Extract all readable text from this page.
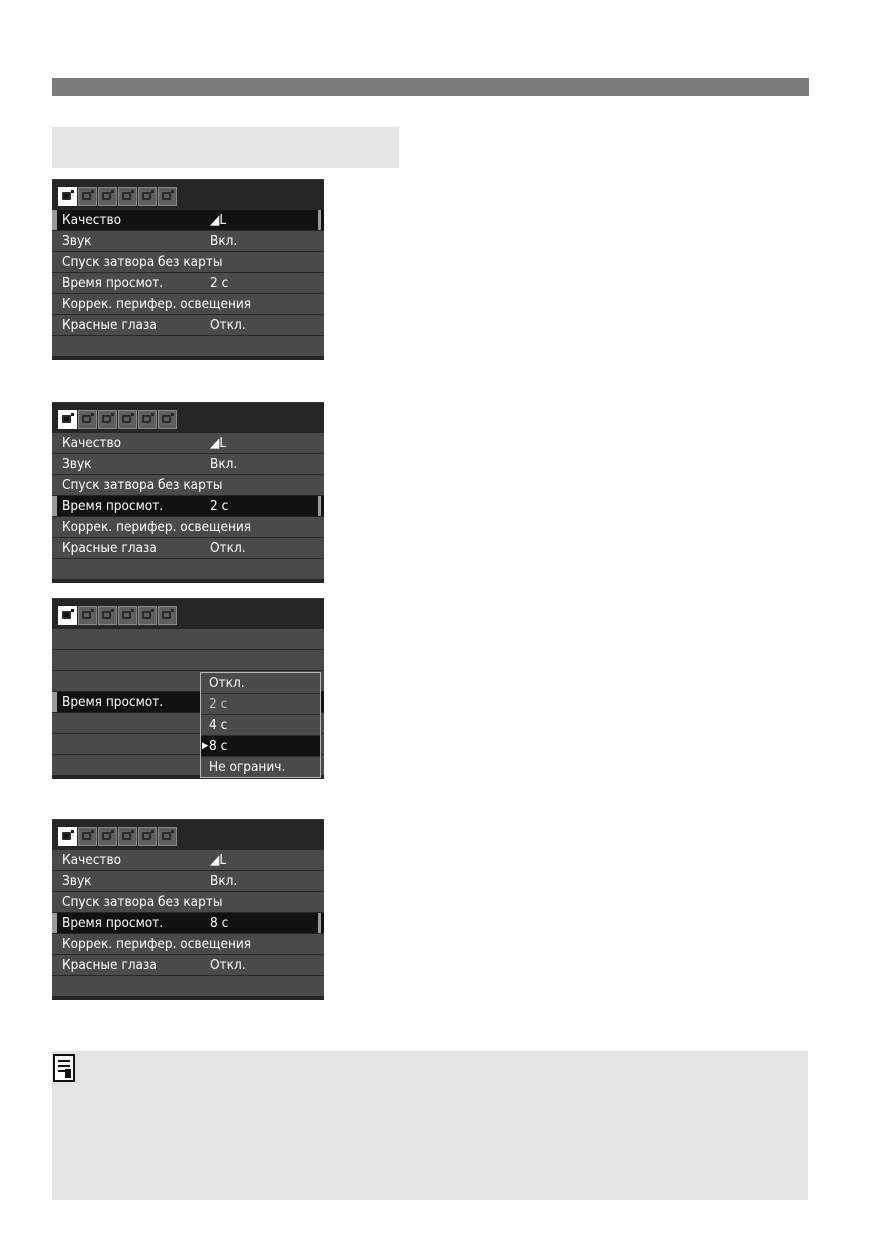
Качество	◢L
Звук	Вкл.
Спуск затвора без карты
Время просмот.	2 с
Коррек. перифер. освещения
Красные глаза	Откл.
Качество	◢L
Звук	Вкл.
Спуск затвора без карты
Время просмот.	2 с
Коррек. перифер. освещения
Красные глаза	Откл.
Время просмот.
Откл.
2 с
4 с
▶ 8 с
Не огранич.
Качество	◢L
Звук	Вкл.
Спуск затвора без карты
Время просмот.	8 с
Коррек. перифер. освещения
Красные глаза	Откл.
